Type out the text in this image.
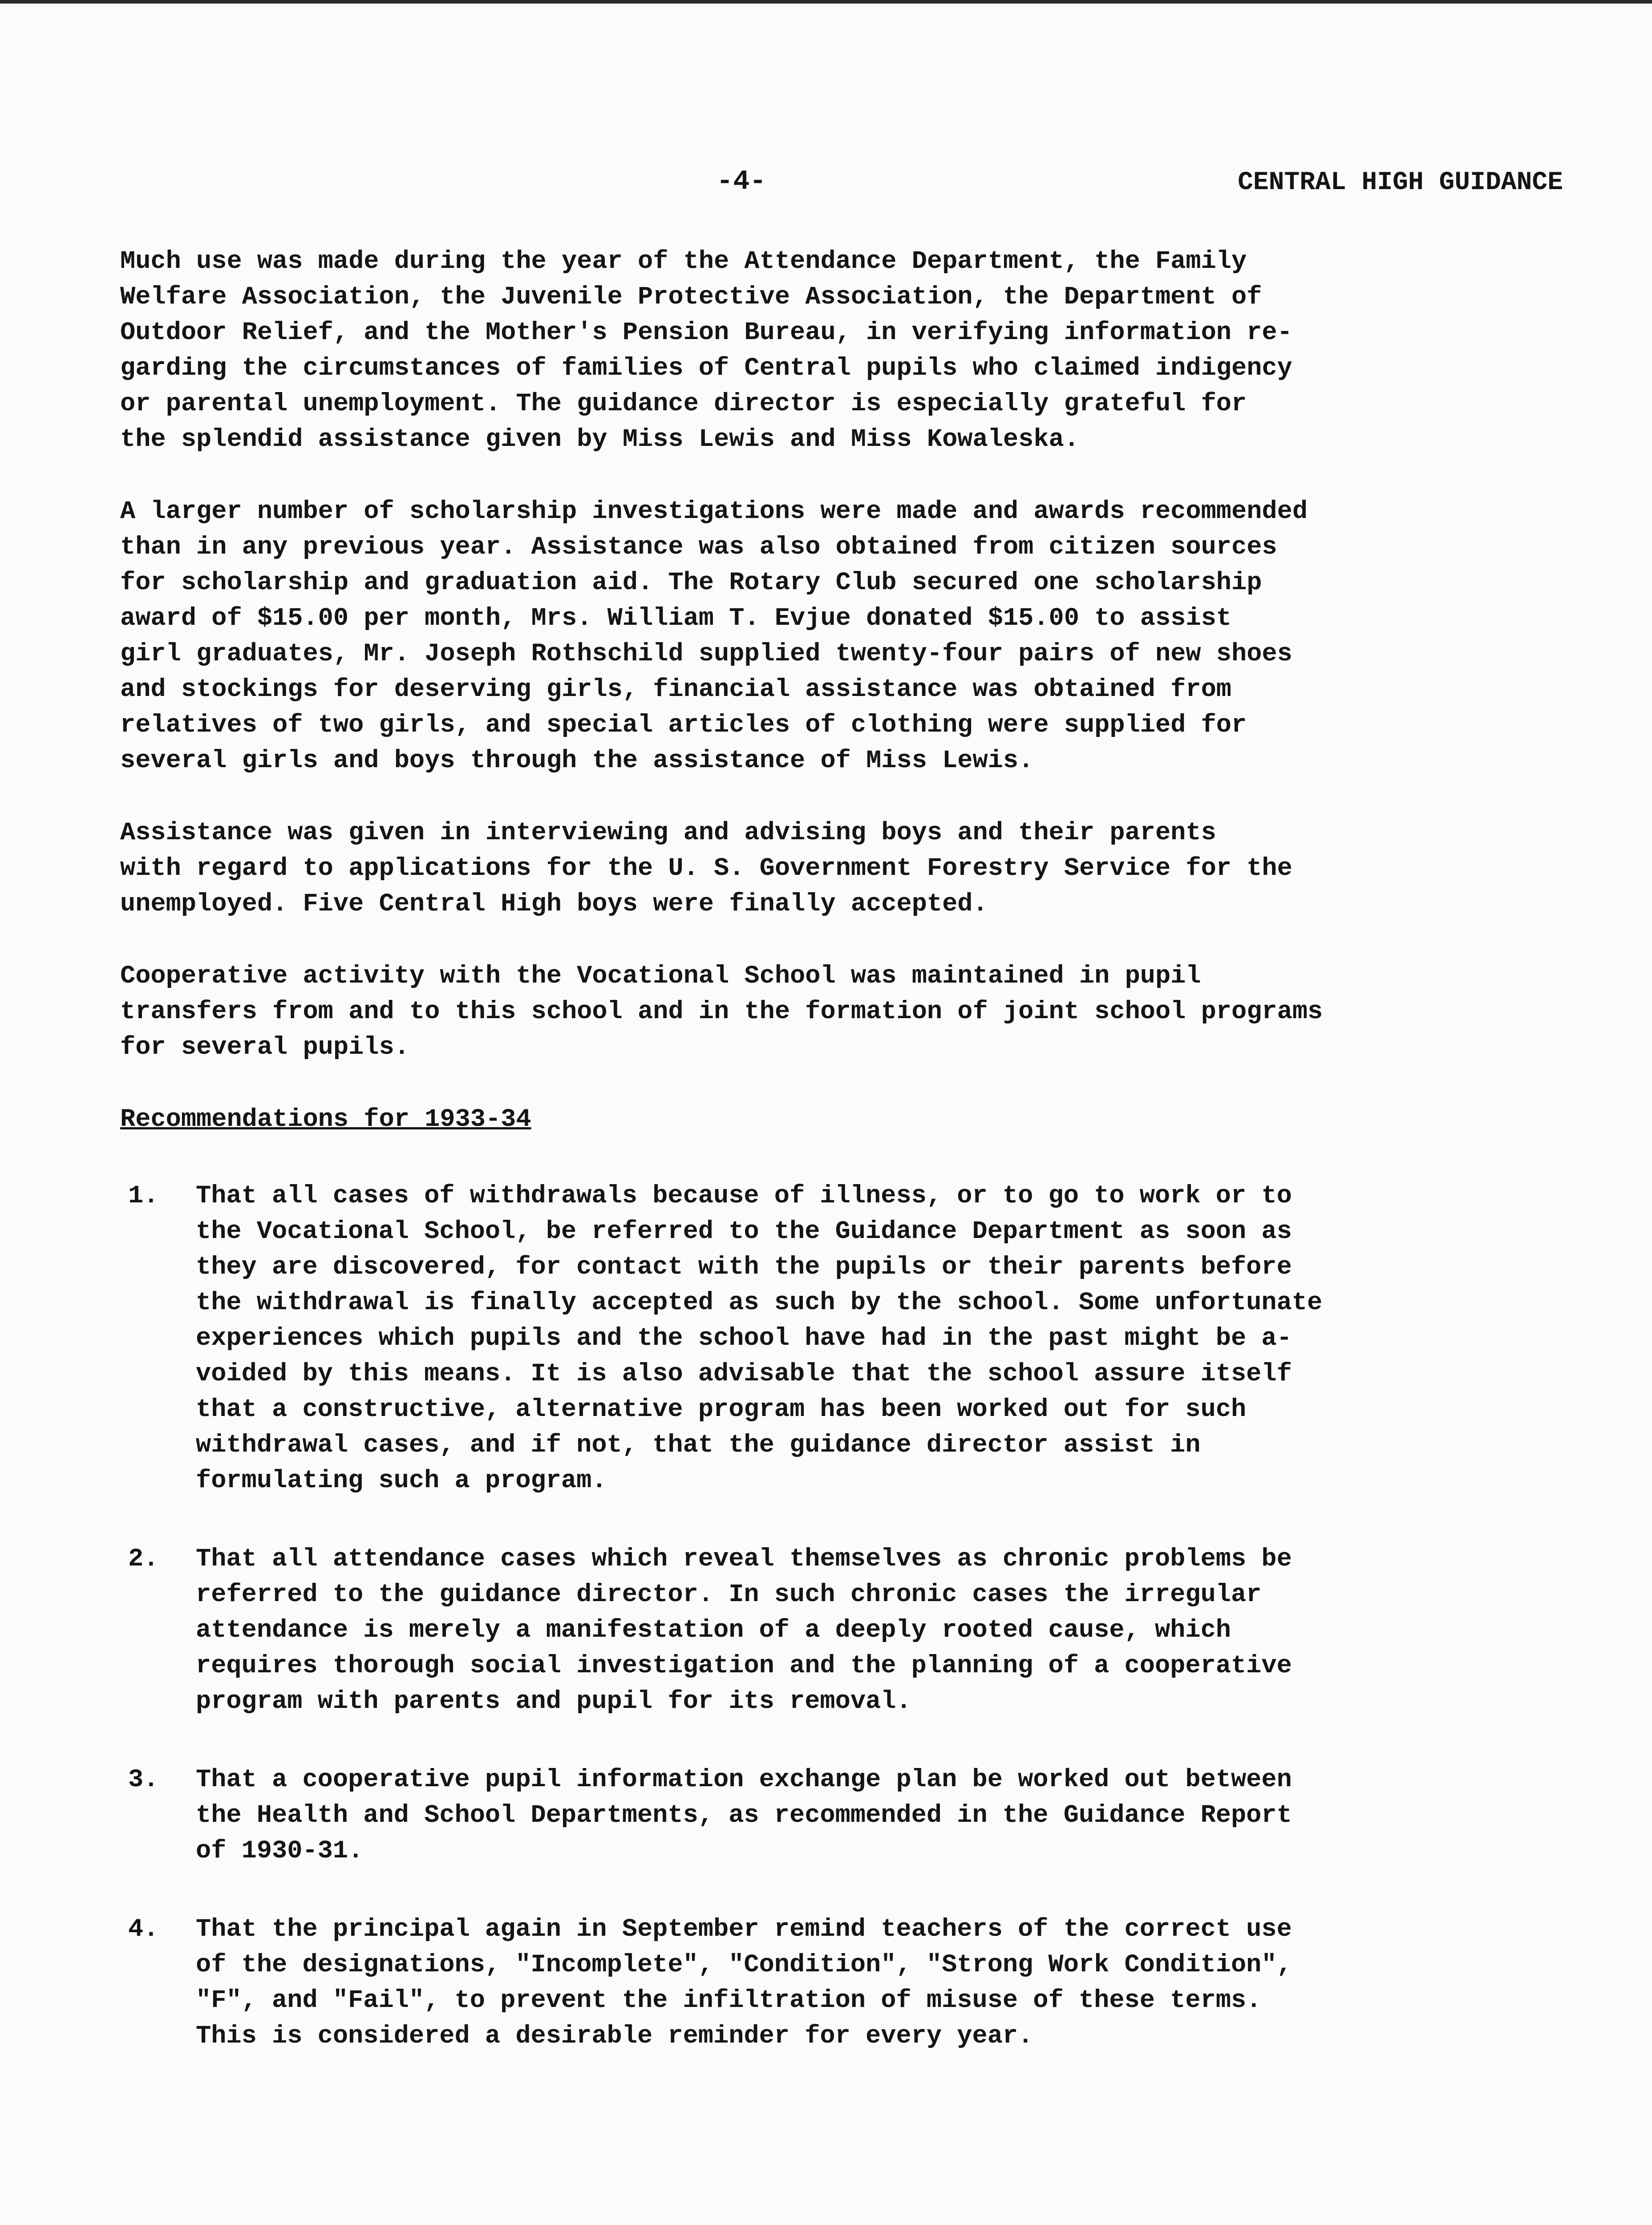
-4-	CENTRAL HIGH GUIDANCE

Much use was made during the year of the Attendance Department, the Family
Welfare Association, the Juvenile Protective Association, the Department of
Outdoor Relief, and the Mother's Pension Bureau, in verifying information re-
garding the circumstances of families of Central pupils who claimed indigency
or parental unemployment. The guidance director is especially grateful for
the splendid assistance given by Miss Lewis and Miss Kowaleska.

A larger number of scholarship investigations were made and awards recommended
than in any previous year. Assistance was also obtained from citizen sources
for scholarship and graduation aid. The Rotary Club secured one scholarship
award of $15.00 per month, Mrs. William T. Evjue donated $15.00 to assist
girl graduates, Mr. Joseph Rothschild supplied twenty-four pairs of new shoes
and stockings for deserving girls, financial assistance was obtained from
relatives of two girls, and special articles of clothing were supplied for
several girls and boys through the assistance of Miss Lewis.

Assistance was given in interviewing and advising boys and their parents
with regard to applications for the U. S. Government Forestry Service for the
unemployed. Five Central High boys were finally accepted.

Cooperative activity with the Vocational School was maintained in pupil
transfers from and to this school and in the formation of joint school programs
for several pupils.

Recommendations for 1933-34
1. That all cases of withdrawals because of illness, or to go to work or to
the Vocational School, be referred to the Guidance Department as soon as
they are discovered, for contact with the pupils or their parents before
the withdrawal is finally accepted as such by the school. Some unfortunate
experiences which pupils and the school have had in the past might be a-
voided by this means. It is also advisable that the school assure itself
that a constructive, alternative program has been worked out for such
withdrawal cases, and if not, that the guidance director assist in
formulating such a program.
2. That all attendance cases which reveal themselves as chronic problems be
referred to the guidance director. In such chronic cases the irregular
attendance is merely a manifestation of a deeply rooted cause, which
requires thorough social investigation and the planning of a cooperative
program with parents and pupil for its removal.
3. That a cooperative pupil information exchange plan be worked out between
the Health and School Departments, as recommended in the Guidance Report
of 1930-31.
4. That the principal again in September remind teachers of the correct use
of the designations, "Incomplete", "Condition", "Strong Work Condition",
"F", and "Fail", to prevent the infiltration of misuse of these terms.
This is considered a desirable reminder for every year.
